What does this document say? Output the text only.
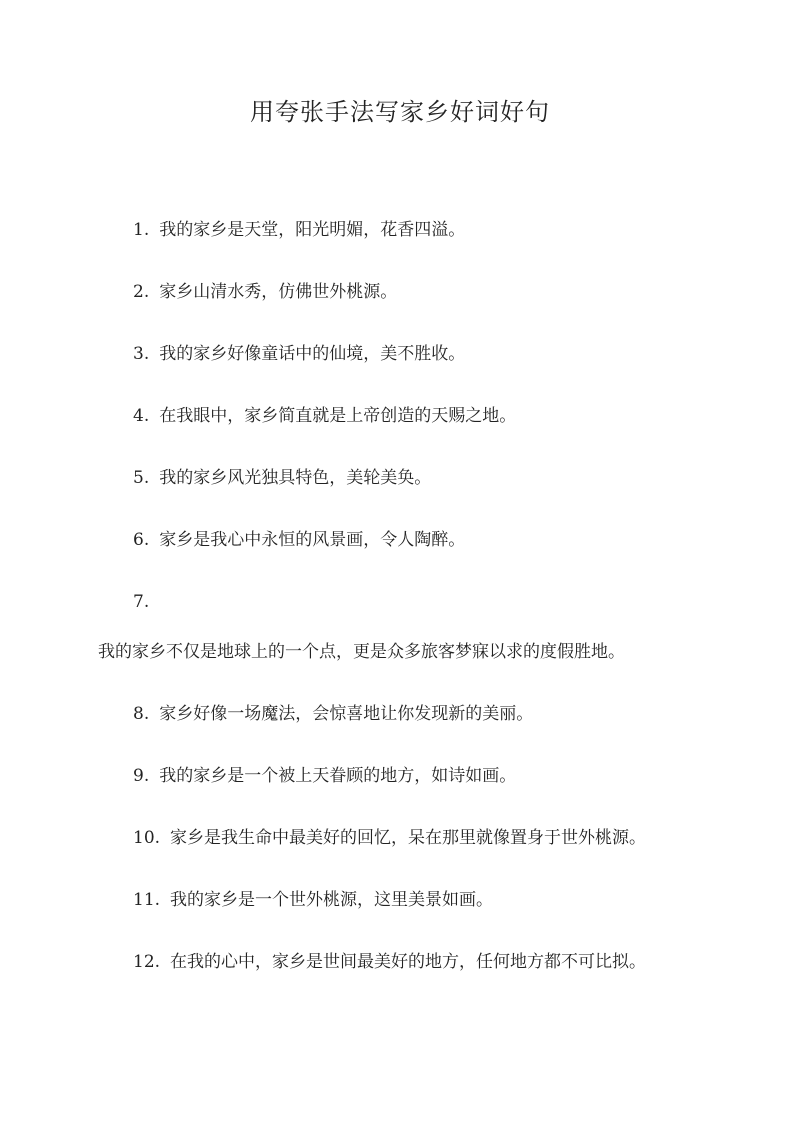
用夸张手法写家乡好词好句
1. 我的家乡是天堂，阳光明媚，花香四溢。
2. 家乡山清水秀，仿佛世外桃源。
3. 我的家乡好像童话中的仙境，美不胜收。
4. 在我眼中，家乡简直就是上帝创造的天赐之地。
5. 我的家乡风光独具特色，美轮美奂。
6. 家乡是我心中永恒的风景画，令人陶醉。
7.
我的家乡不仅是地球上的一个点，更是众多旅客梦寐以求的度假胜地。
8. 家乡好像一场魔法，会惊喜地让你发现新的美丽。
9. 我的家乡是一个被上天眷顾的地方，如诗如画。
10. 家乡是我生命中最美好的回忆，呆在那里就像置身于世外桃源。
11. 我的家乡是一个世外桃源，这里美景如画。
12. 在我的心中，家乡是世间最美好的地方，任何地方都不可比拟。
